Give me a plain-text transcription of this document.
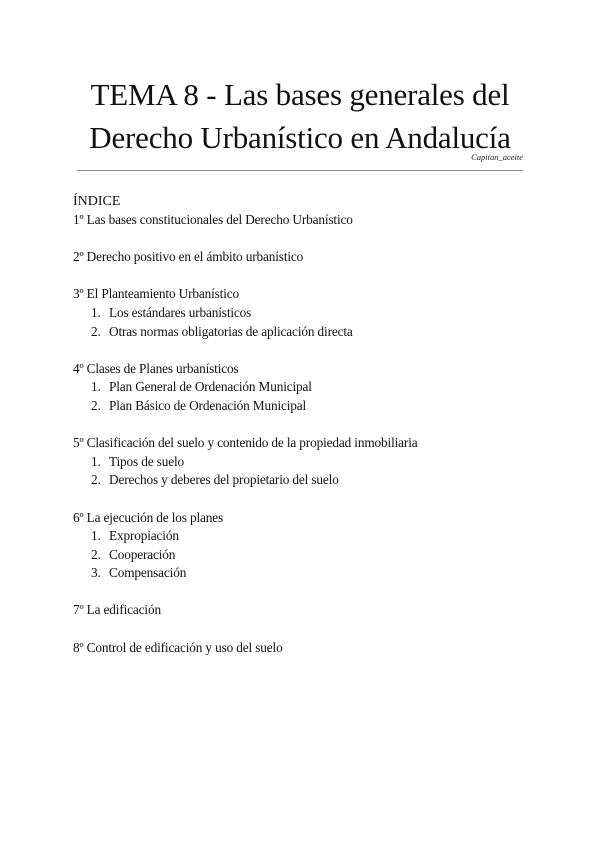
TEMA 8 - Las bases generales del
Derecho Urbanístico en Andalucía
Capitan_aceite
ÍNDICE
1º Las bases constitucionales del Derecho Urbanístico
2º Derecho positivo en el ámbito urbanístico
3º El Planteamiento Urbanístico
1. Los estándares urbanísticos
2. Otras normas obligatorias de aplicación directa
4º Clases de Planes urbanísticos
1. Plan General de Ordenación Municipal
2. Plan Básico de Ordenación Municipal
5º Clasificación del suelo y contenido de la propiedad inmobiliaria
1. Tipos de suelo
2. Derechos y deberes del propietario del suelo
6º La ejecución de los planes
1. Expropiación
2. Cooperación
3. Compensación
7º La edificación
8º Control de edificación y uso del suelo
